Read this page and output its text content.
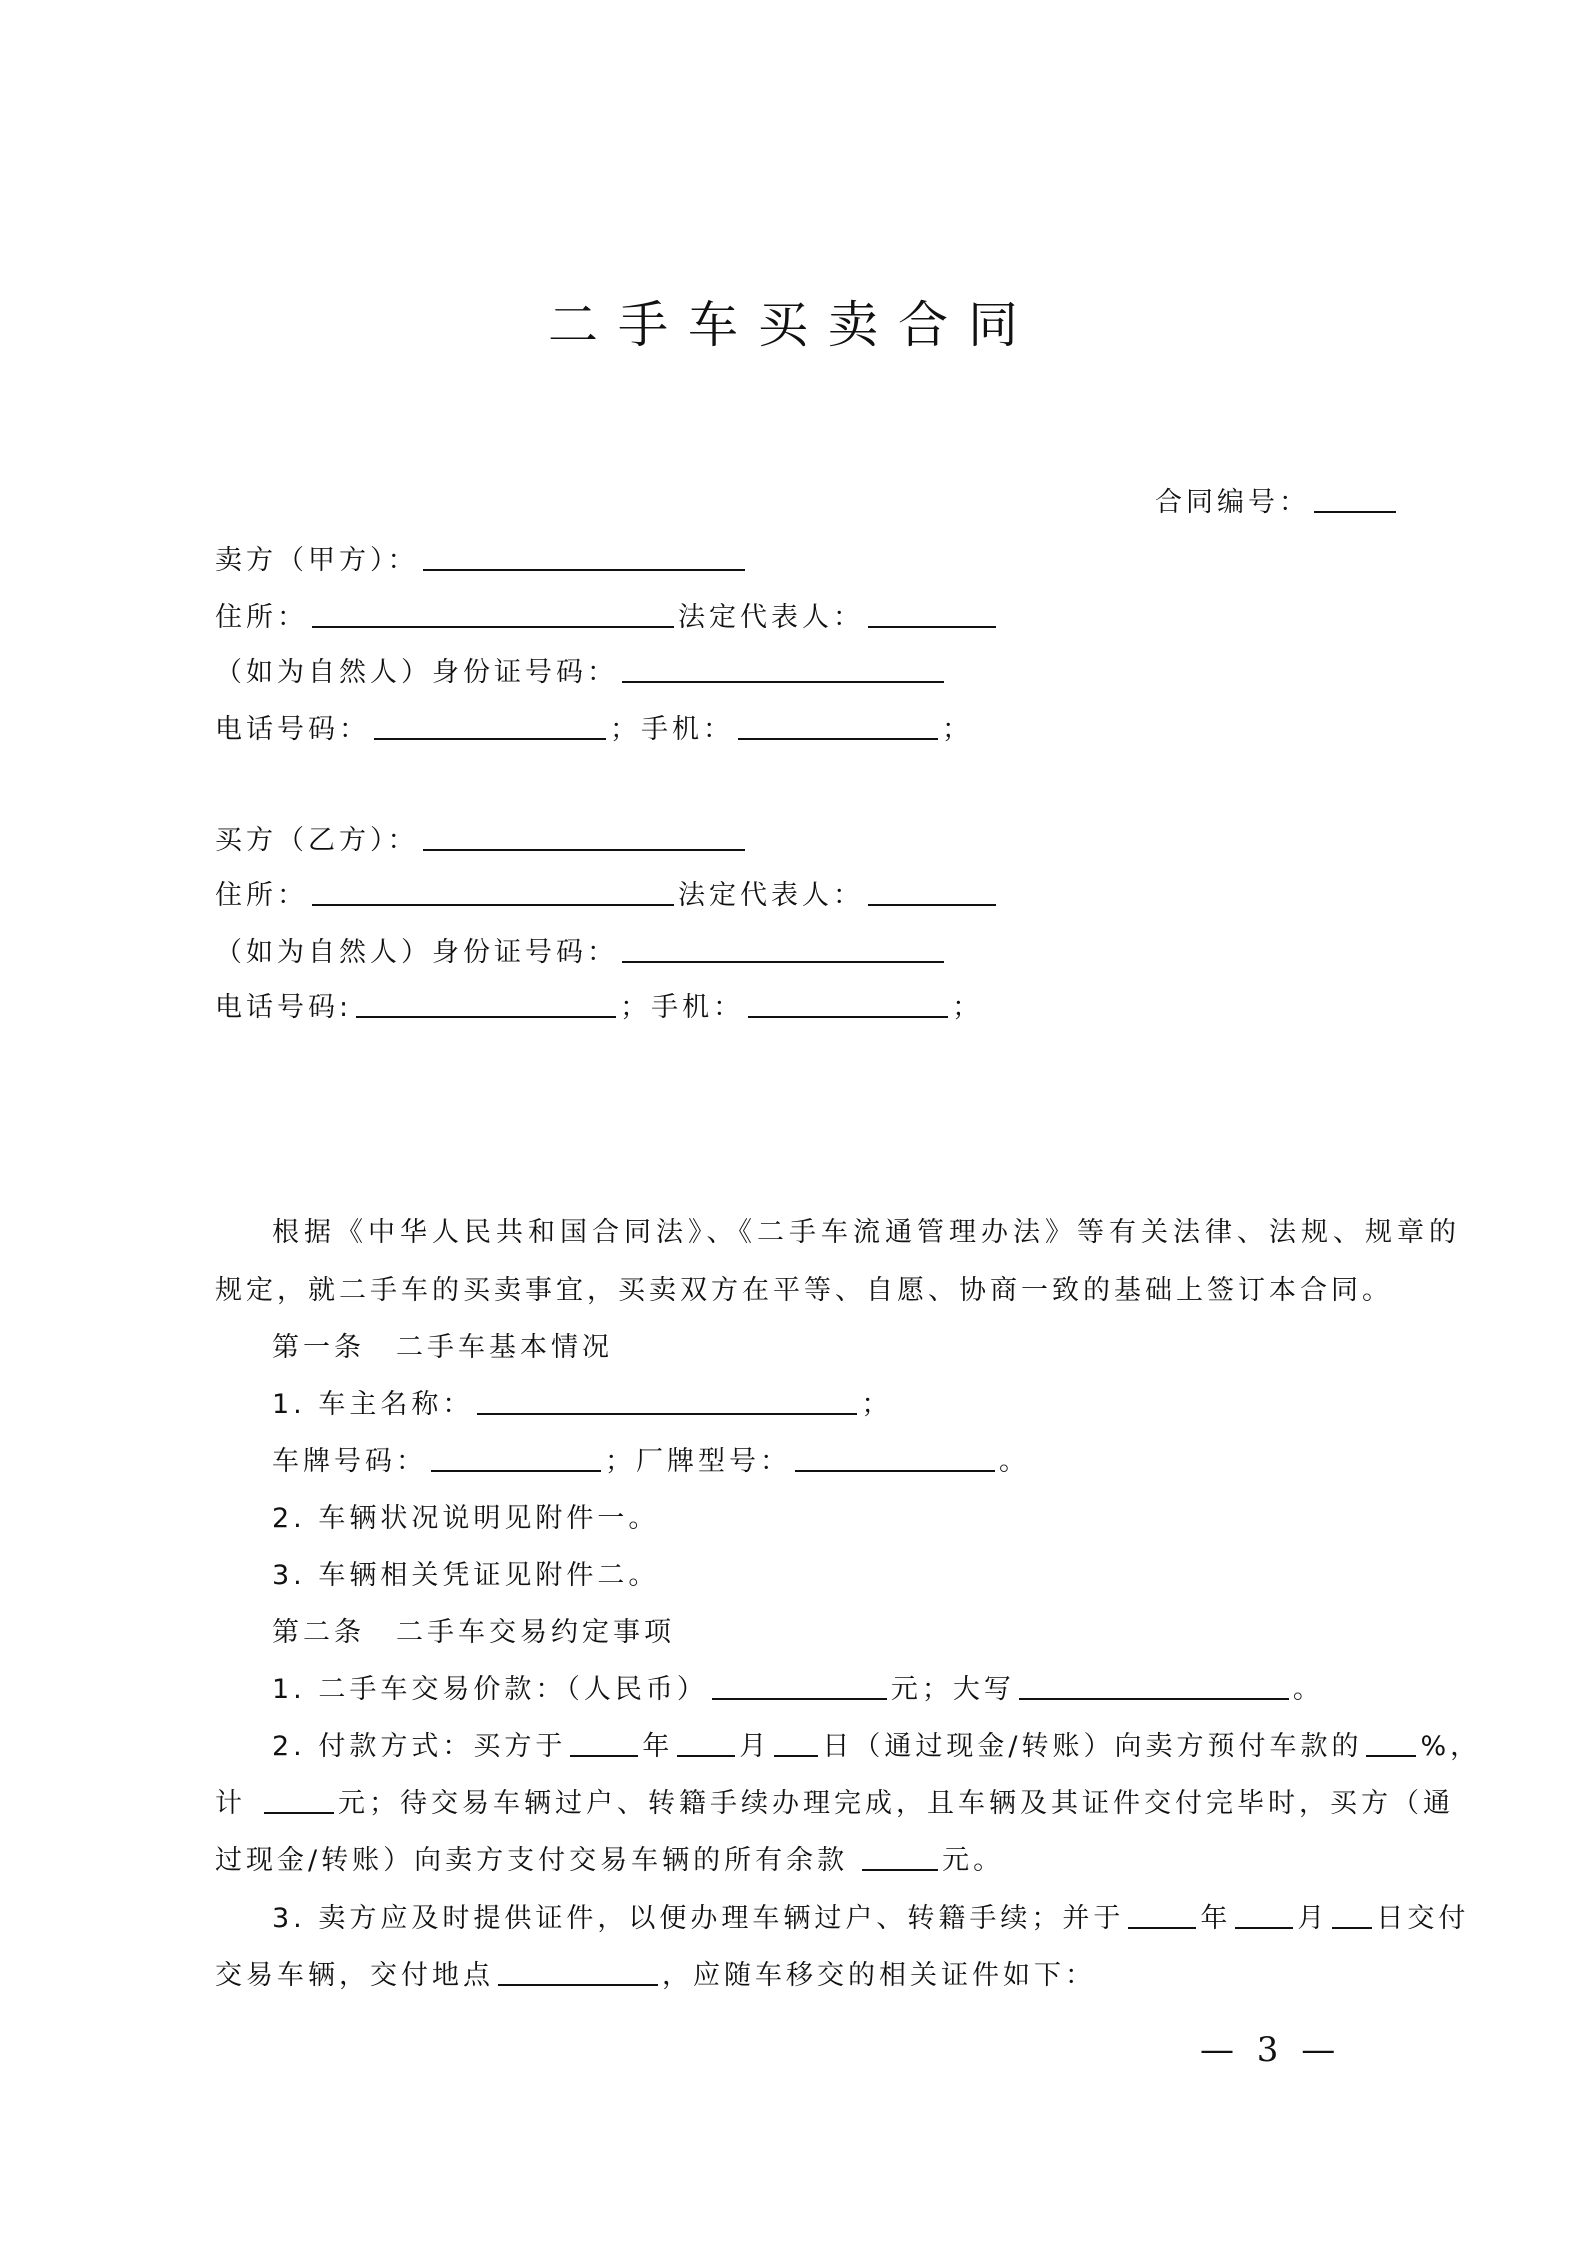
二手车买卖合同
合同编号：
卖方（甲方）：
住所：	法定代表人：
（如为自然人）身份证号码：
电话号码：	；手机：	；
买方（乙方）：
住所：	法定代表人：
（如为自然人）身份证号码：
电话号码:	；手机：	；
根据《中华人民共和国合同法》、《二手车流通管理办法》等有关法律、法规、规章的
规定，就二手车的买卖事宜，买卖双方在平等、自愿、协商一致的基础上签订本合同。
第一条　二手车基本情况
1. 车主名称：	；
车牌号码：	；厂牌型号：	。
2. 车辆状况说明见附件一。
3. 车辆相关凭证见附件二。
第二条　二手车交易约定事项
1. 二手车交易价款：（人民币）	元；大写	。
2. 付款方式：买方于	年 月 日（通过现金/转账）向卖方预付车款的 %，
计	元；待交易车辆过户、转籍手续办理完成，且车辆及其证件交付完毕时，买方（通
过现金/转账）向卖方支付交易车辆的所有余款	元。
3. 卖方应及时提供证件，以便办理车辆过户、转籍手续；并于	年 月 日交付
交易车辆，交付地点	，应随车移交的相关证件如下：
— 3 —
